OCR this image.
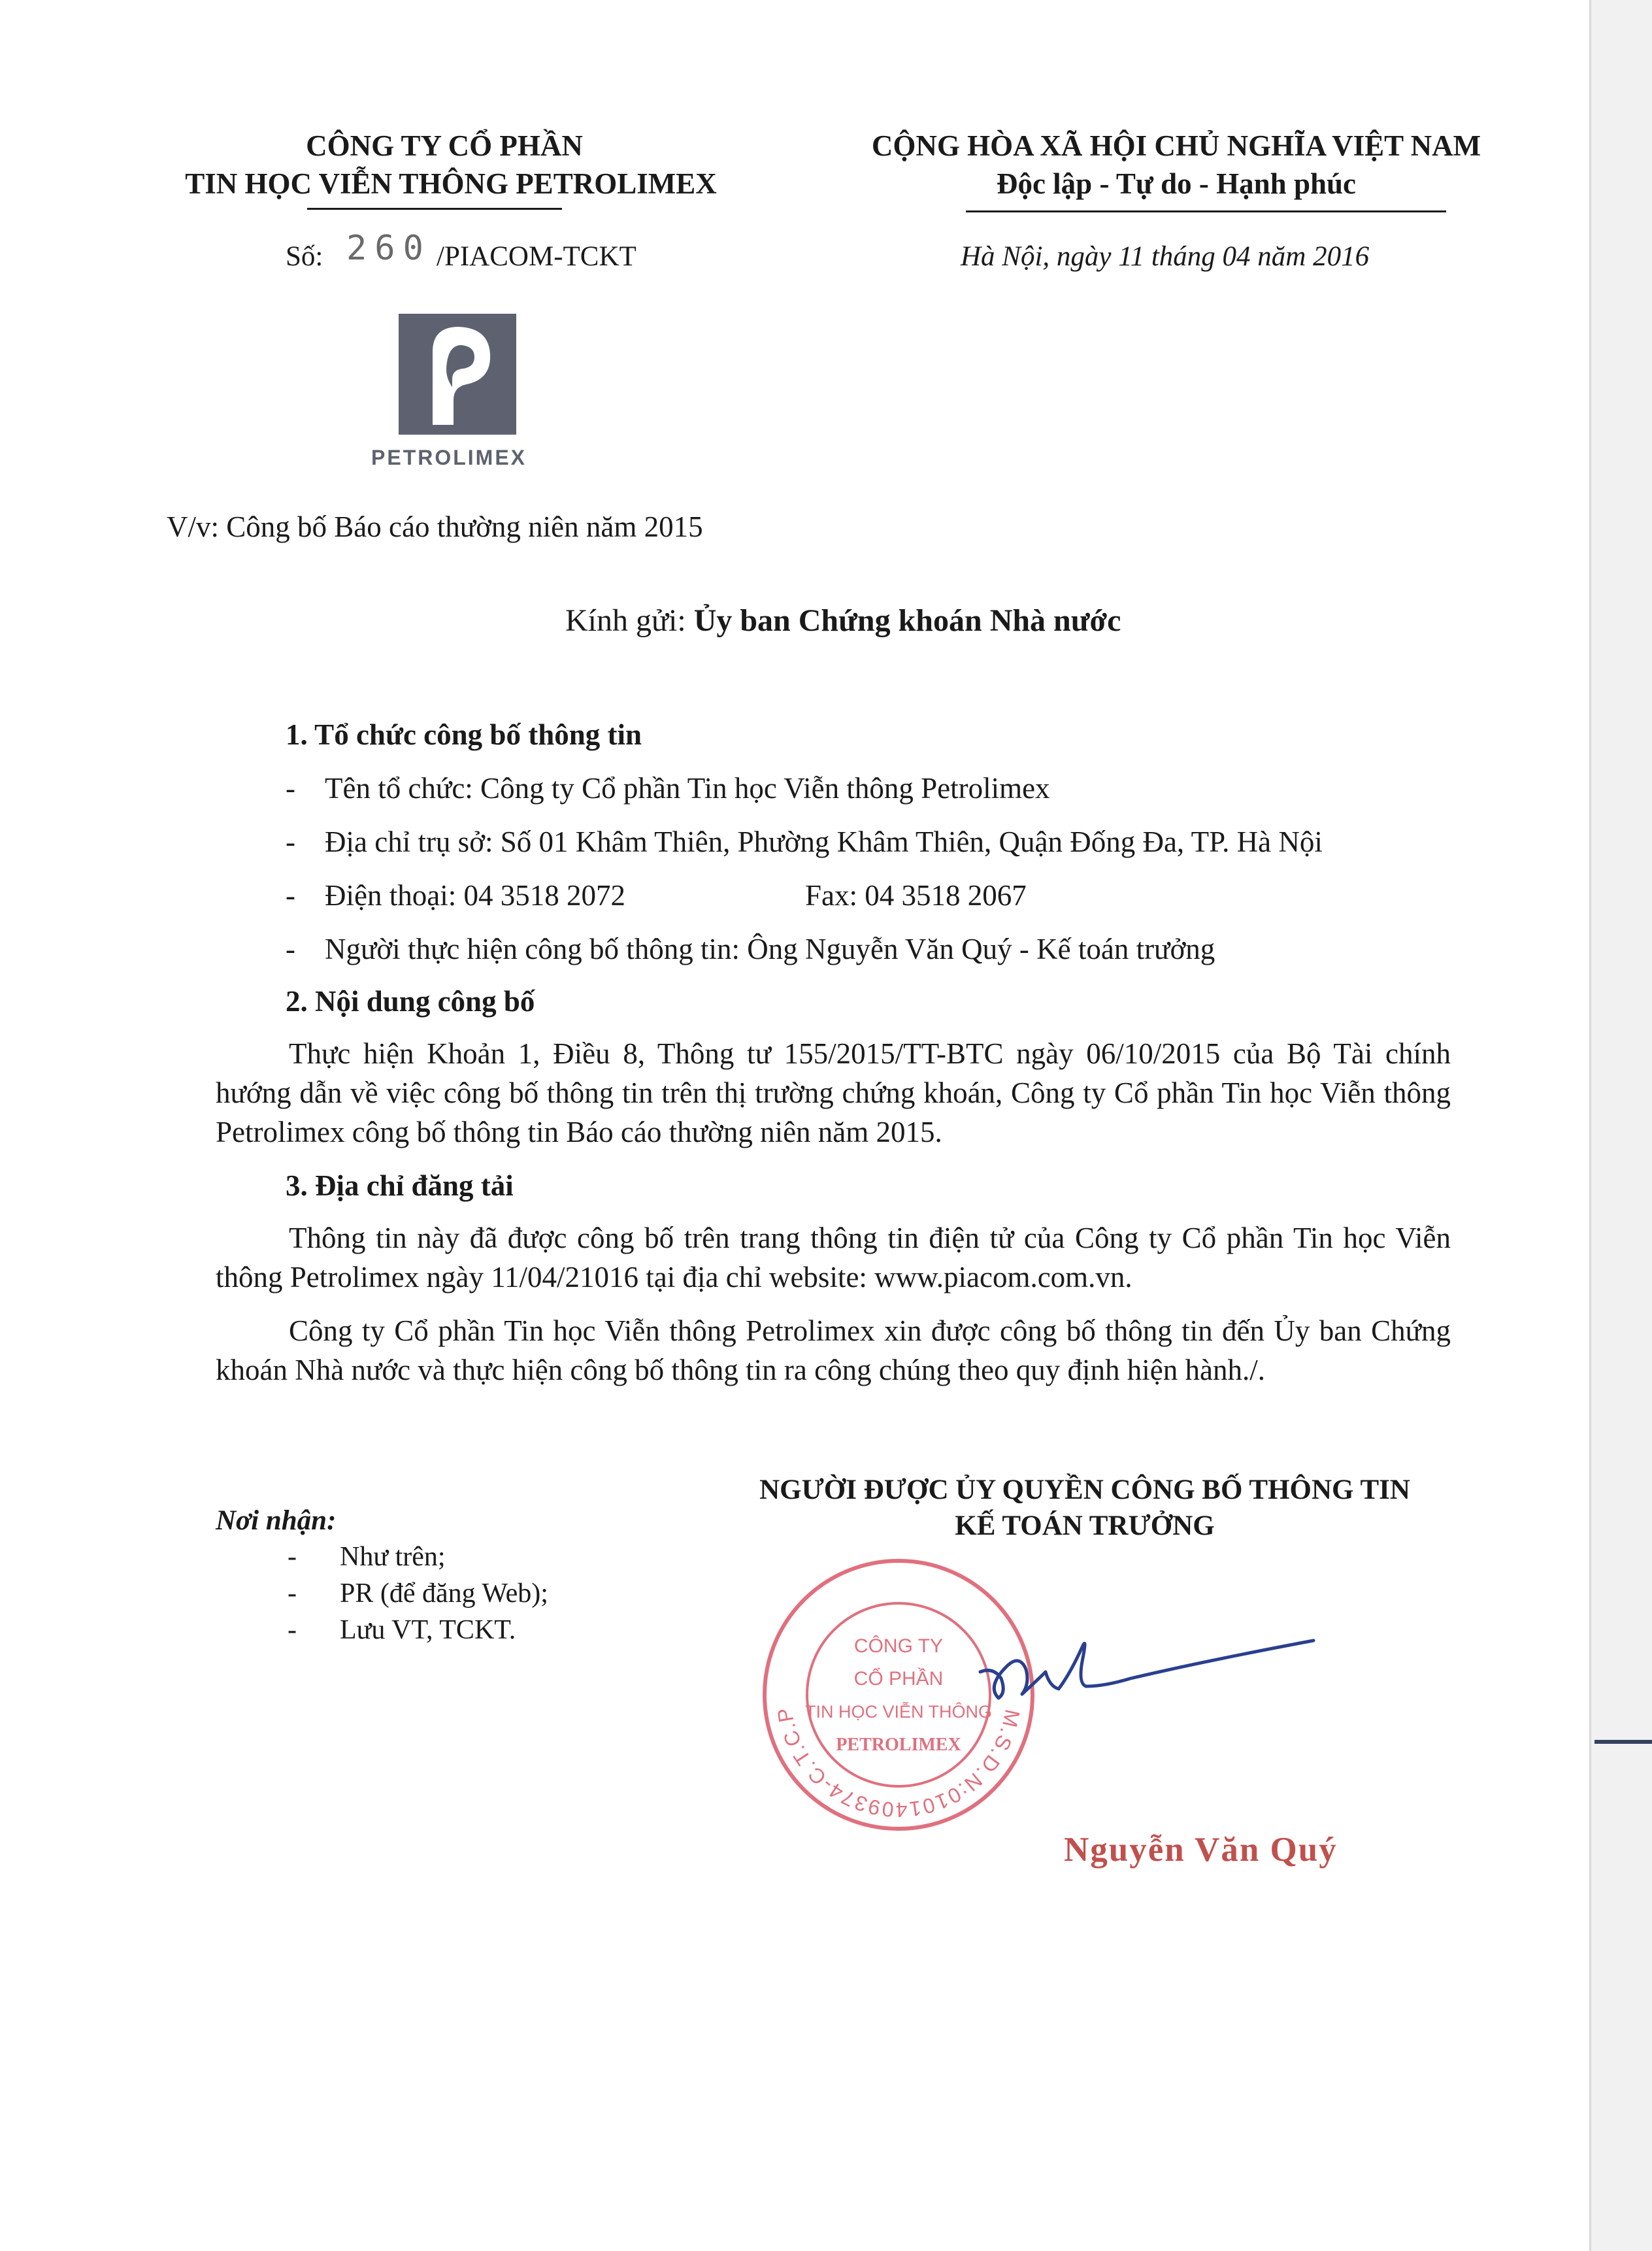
CÔNG TY CỔ PHẦN
TIN HỌC VIỄN THÔNG PETROLIMEX
Số: 260 /PIACOM-TCKT
CỘNG HÒA XÃ HỘI CHỦ NGHĨA VIỆT NAM
Độc lập - Tự do - Hạnh phúc
Hà Nội, ngày 11 tháng 04 năm 2016
PETROLIMEX
V/v: Công bố Báo cáo thường niên năm 2015
Kính gửi: Ủy ban Chứng khoán Nhà nước
1. Tổ chức công bố thông tin
- Tên tổ chức: Công ty Cổ phần Tin học Viễn thông Petrolimex
- Địa chỉ trụ sở: Số 01 Khâm Thiên, Phường Khâm Thiên, Quận Đống Đa, TP. Hà Nội
- Điện thoại: 04 3518 2072	Fax: 04 3518 2067
- Người thực hiện công bố thông tin: Ông Nguyễn Văn Quý - Kế toán trưởng
2. Nội dung công bố

Thực hiện Khoản 1, Điều 8, Thông tư 155/2015/TT-BTC ngày 06/10/2015 của Bộ Tài chính hướng dẫn về việc công bố thông tin trên thị trường chứng khoán, Công ty Cổ phần Tin học Viễn thông Petrolimex công bố thông tin Báo cáo thường niên năm 2015.

3. Địa chỉ đăng tải

Thông tin này đã được công bố trên trang thông tin điện tử của Công ty Cổ phần Tin học Viễn thông Petrolimex ngày 11/04/21016 tại địa chỉ website: www.piacom.com.vn.

Công ty Cổ phần Tin học Viễn thông Petrolimex xin được công bố thông tin đến Ủy ban Chứng khoán Nhà nước và thực hiện công bố thông tin ra công chúng theo quy định hiện hành./.

Nơi nhận:
- Như trên;
- PR (để đăng Web);
- Lưu VT, TCKT.
NGƯỜI ĐƯỢC ỦY QUYỀN CÔNG BỐ THÔNG TIN
KẾ TOÁN TRƯỞNG
M.S.D.N:0101409374-C.T.C.P
CÔNG TY
CỔ PHẦN
TIN HỌC VIỄN THÔNG
PETROLIMEX
Nguyễn Văn Quý
